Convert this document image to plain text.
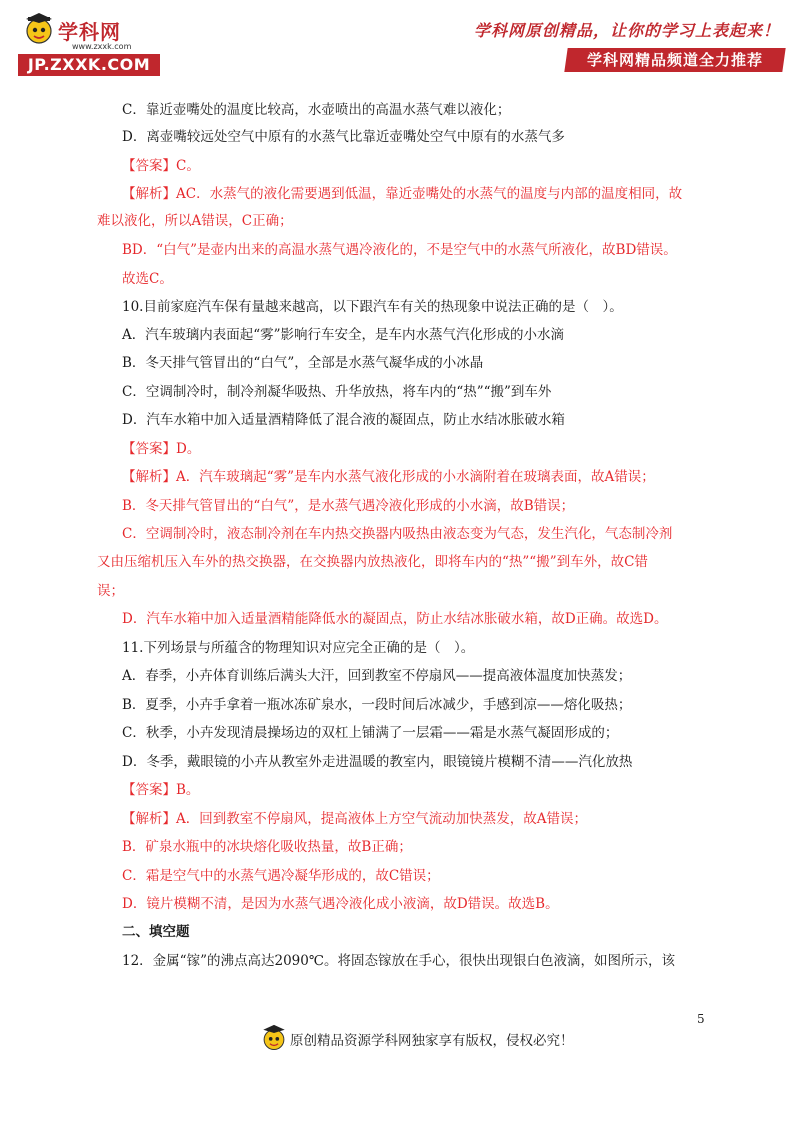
学科网
www.zxxk.com
JP.ZXXK.COM
学科网原创精品，让你的学习上表起来！
学科网精品频道全力推荐
C．靠近壶嘴处的温度比较高，水壶喷出的高温水蒸气难以液化；
D．离壶嘴较远处空气中原有的水蒸气比靠近壶嘴处空气中原有的水蒸气多
【答案】C。
【解析】AC．水蒸气的液化需要遇到低温，靠近壶嘴处的水蒸气的温度与内部的温度相同，故
难以液化，所以A错误，C正确；
BD．“白气”是壶内出来的高温水蒸气遇冷液化的，不是空气中的水蒸气所液化，故BD错误。
故选C。
10.目前家庭汽车保有量越来越高，以下跟汽车有关的热现象中说法正确的是（　）。
A．汽车玻璃内表面起“雾”影响行车安全，是车内水蒸气汽化形成的小水滴
B．冬天排气管冒出的“白气”，全部是水蒸气凝华成的小冰晶
C．空调制冷时，制冷剂凝华吸热、升华放热，将车内的“热”“搬”到车外
D．汽车水箱中加入适量酒精降低了混合液的凝固点，防止水结冰胀破水箱
【答案】D。
【解析】A．汽车玻璃起“雾”是车内水蒸气液化形成的小水滴附着在玻璃表面，故A错误；
B．冬天排气管冒出的“白气”，是水蒸气遇冷液化形成的小水滴，故B错误；
C．空调制冷时，液态制冷剂在车内热交换器内吸热由液态变为气态，发生汽化，气态制冷剂
又由压缩机压入车外的热交换器，在交换器内放热液化，即将车内的“热”“搬”到车外，故C错
误；
D．汽车水箱中加入适量酒精能降低水的凝固点，防止水结冰胀破水箱，故D正确。故选D。
11.下列场景与所蕴含的物理知识对应完全正确的是（　）。
A．春季，小卉体育训练后满头大汗，回到教室不停扇风——提高液体温度加快蒸发；
B．夏季，小卉手拿着一瓶冰冻矿泉水，一段时间后冰减少，手感到凉——熔化吸热；
C．秋季，小卉发现清晨操场边的双杠上铺满了一层霜——霜是水蒸气凝固形成的；
D．冬季，戴眼镜的小卉从教室外走进温暖的教室内，眼镜镜片模糊不清——汽化放热
【答案】B。
【解析】A．回到教室不停扇风，提高液体上方空气流动加快蒸发，故A错误；
B．矿泉水瓶中的冰块熔化吸收热量，故B正确；
C．霜是空气中的水蒸气遇冷凝华形成的，故C错误；
D．镜片模糊不清，是因为水蒸气遇冷液化成小液滴，故D错误。故选B。
二、填空题
12．金属“镓”的沸点高达2090℃。将固态镓放在手心，很快出现银白色液滴，如图所示，该
5
原创精品资源学科网独家享有版权，侵权必究！
